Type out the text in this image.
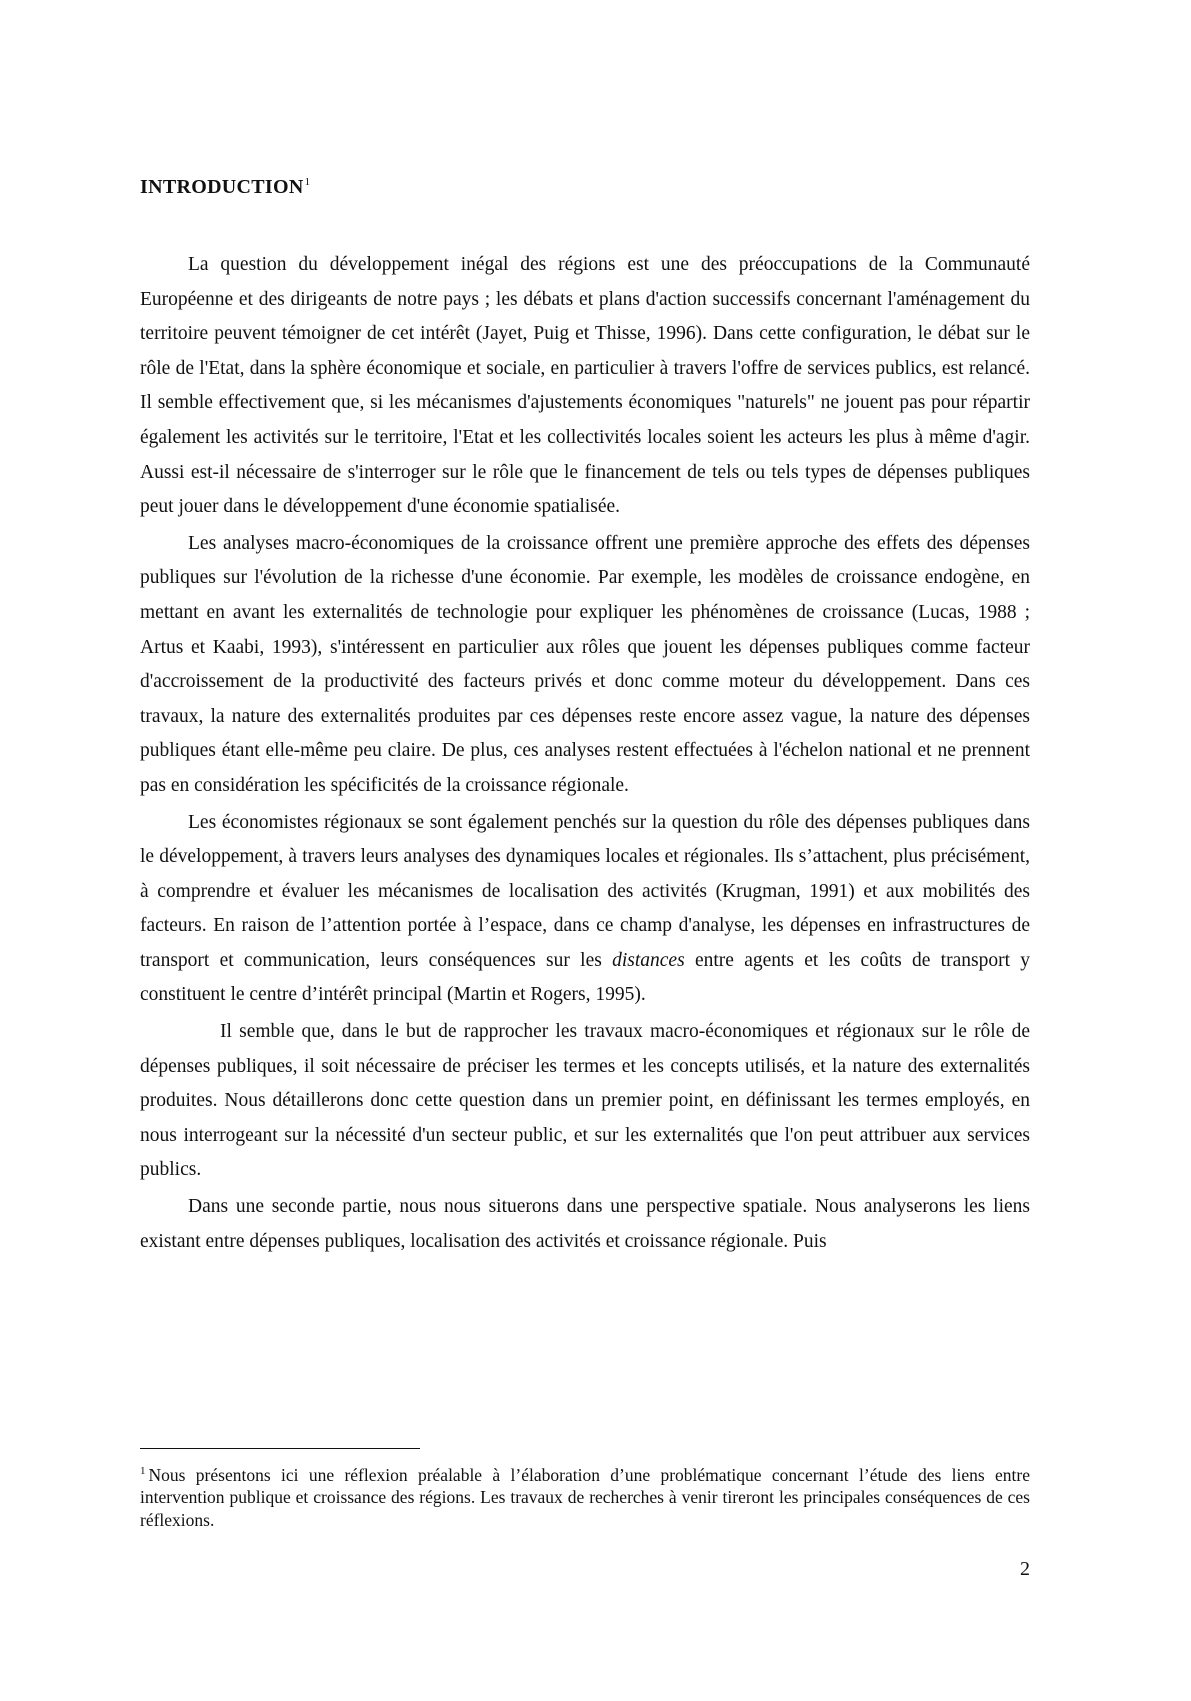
INTRODUCTION$^1$

La question du développement inégal des régions est une des préoccupations de la Communauté Européenne et des dirigeants de notre pays ; les débats et plans d'action successifs concernant l'aménagement du territoire peuvent témoigner de cet intérêt (Jayet, Puig et Thisse, 1996). Dans cette configuration, le débat sur le rôle de l'Etat, dans la sphère économique et sociale, en particulier à travers l'offre de services publics, est relancé. Il semble effectivement que, si les mécanismes d'ajustements économiques "naturels" ne jouent pas pour répartir également les activités sur le territoire, l'Etat et les collectivités locales soient les acteurs les plus à même d'agir. Aussi est-il nécessaire de s'interroger sur le rôle que le financement de tels ou tels types de dépenses publiques peut jouer dans le développement d'une économie spatialisée.

Les analyses macro-économiques de la croissance offrent une première approche des effets des dépenses publiques sur l'évolution de la richesse d'une économie. Par exemple, les modèles de croissance endogène, en mettant en avant les externalités de technologie pour expliquer les phénomènes de croissance (Lucas, 1988 ; Artus et Kaabi, 1993), s'intéressent en particulier aux rôles que jouent les dépenses publiques comme facteur d'accroissement de la productivité des facteurs privés et donc comme moteur du développement. Dans ces travaux, la nature des externalités produites par ces dépenses reste encore assez vague, la nature des dépenses publiques étant elle-même peu claire. De plus, ces analyses restent effectuées à l'échelon national et ne prennent pas en considération les spécificités de la croissance régionale.

Les économistes régionaux se sont également penchés sur la question du rôle des dépenses publiques dans le développement, à travers leurs analyses des dynamiques locales et régionales. Ils s’attachent, plus précisément, à comprendre et évaluer les mécanismes de localisation des activités (Krugman, 1991) et aux mobilités des facteurs. En raison de l’attention portée à l’espace, dans ce champ d'analyse, les dépenses en infrastructures de transport et communication, leurs conséquences sur les distances entre agents et les coûts de transport y constituent le centre d’intérêt principal (Martin et Rogers, 1995).

Il semble que, dans le but de rapprocher les travaux macro-économiques et régionaux sur le rôle de dépenses publiques, il soit nécessaire de préciser les termes et les concepts utilisés, et la nature des externalités produites. Nous détaillerons donc cette question dans un premier point, en définissant les termes employés, en nous interrogeant sur la nécessité d'un secteur public, et sur les externalités que l'on peut attribuer aux services publics.

Dans une seconde partie, nous nous situerons dans une perspective spatiale. Nous analyserons les liens existant entre dépenses publiques, localisation des activités et croissance régionale. Puis

$^1$ Nous présentons ici une réflexion préalable à l’élaboration d’une problématique concernant l’étude des liens entre intervention publique et croissance des régions. Les travaux de recherches à venir tireront les principales conséquences de ces réflexions.

2
